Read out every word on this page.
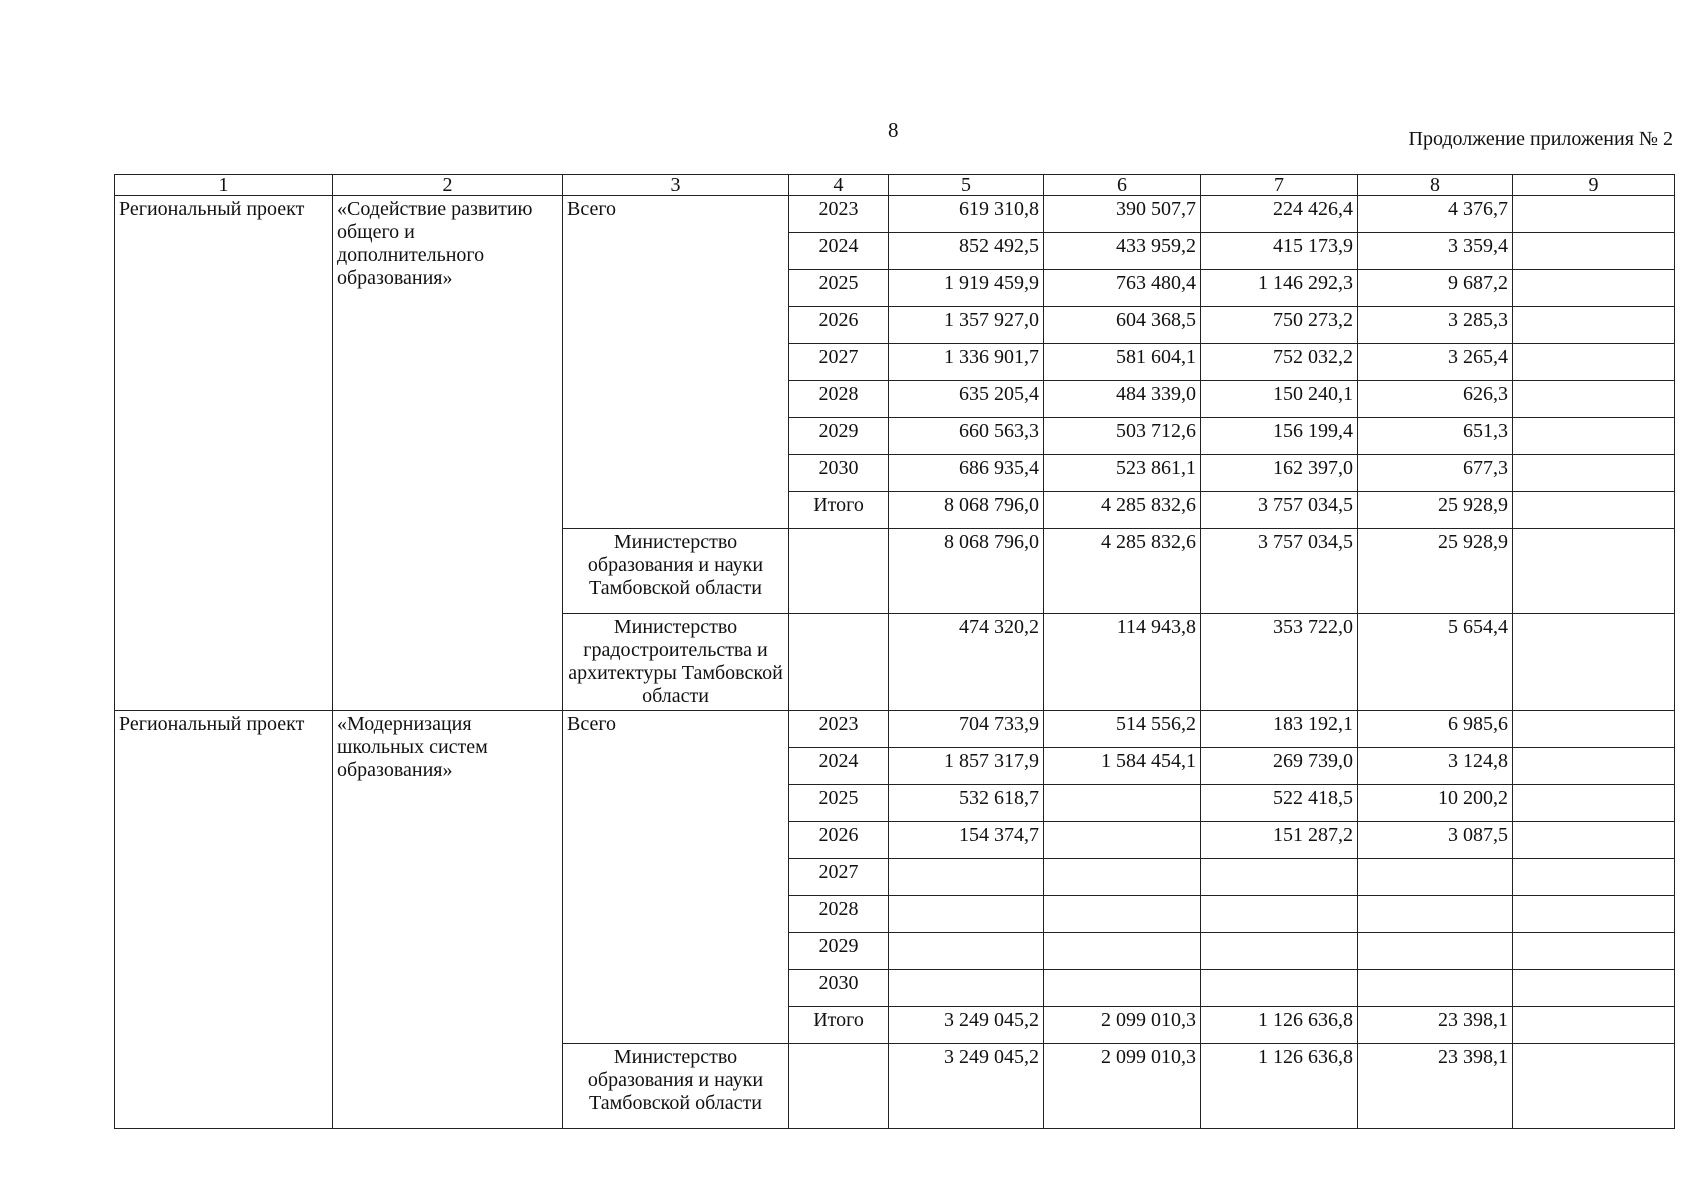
8	Продолжение приложения № 2
1	2	3	4	5	6	7	8	9
Региональный проект	«Содействие развитию общего и дополнительного образования»	Всего	2023	619 310,8	390 507,7	224 426,4	4 376,7	
			2024	852 492,5	433 959,2	415 173,9	3 359,4	
			2025	1 919 459,9	763 480,4	1 146 292,3	9 687,2	
			2026	1 357 927,0	604 368,5	750 273,2	3 285,3	
			2027	1 336 901,7	581 604,1	752 032,2	3 265,4	
			2028	635 205,4	484 339,0	150 240,1	626,3	
			2029	660 563,3	503 712,6	156 199,4	651,3	
			2030	686 935,4	523 861,1	162 397,0	677,3	
			Итого	8 068 796,0	4 285 832,6	3 757 034,5	25 928,9	
		Министерство образования и науки Тамбовской области		8 068 796,0	4 285 832,6	3 757 034,5	25 928,9	
		Министерство градостроительства и архитектуры Тамбовской области		474 320,2	114 943,8	353 722,0	5 654,4	
Региональный проект	«Модернизация школьных систем образования»	Всего	2023	704 733,9	514 556,2	183 192,1	6 985,6	
			2024	1 857 317,9	1 584 454,1	269 739,0	3 124,8	
			2025	532 618,7		522 418,5	10 200,2	
			2026	154 374,7		151 287,2	3 087,5	
			2027					
			2028					
			2029					
			2030					
			Итого	3 249 045,2	2 099 010,3	1 126 636,8	23 398,1	
		Министерство образования и науки Тамбовской области		3 249 045,2	2 099 010,3	1 126 636,8	23 398,1	
